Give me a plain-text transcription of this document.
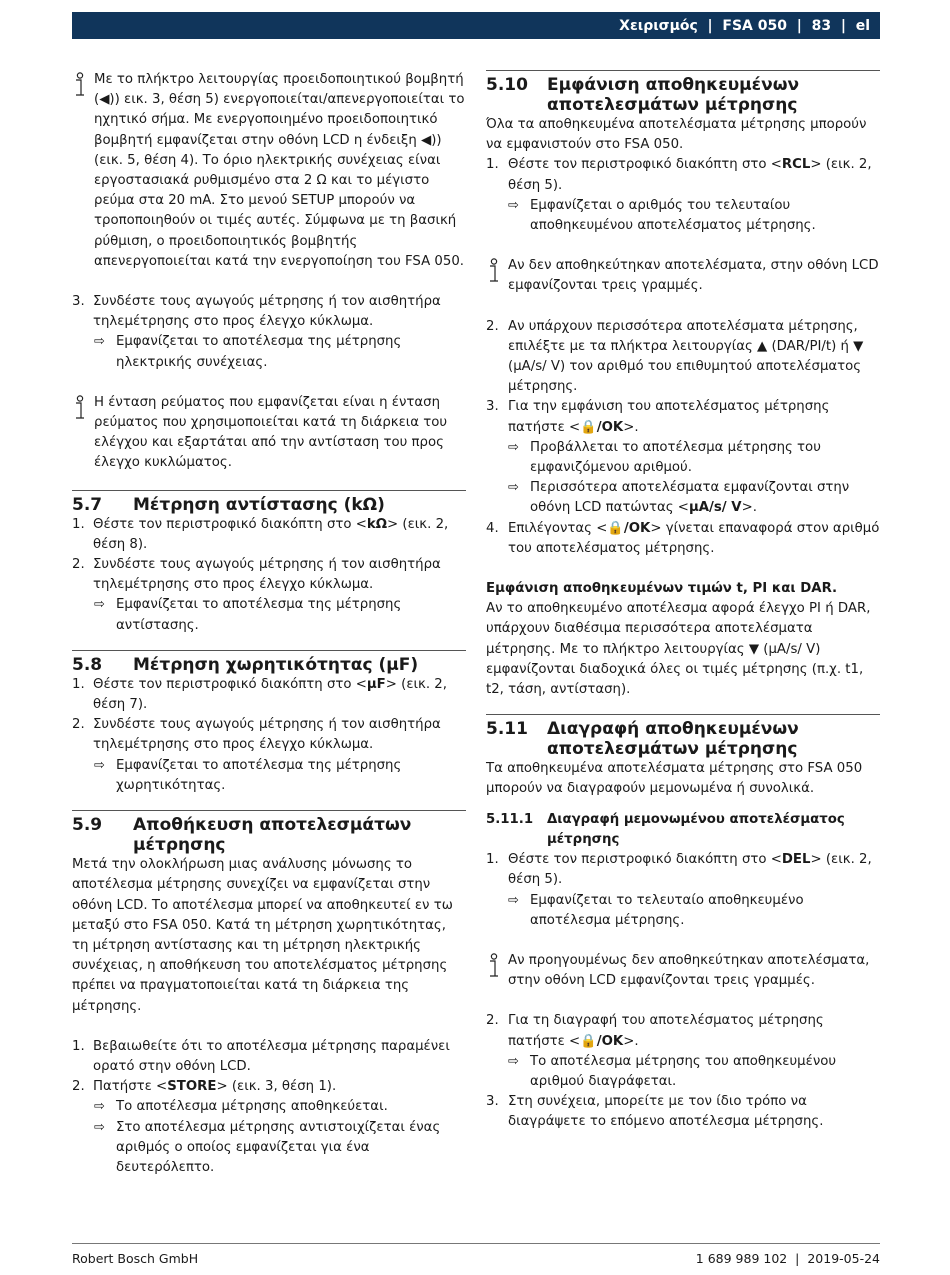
Χειρισμός | FSA 050 | 83 | el

Με το πλήκτρο λειτουργίας προειδοποιητικού βομβητή (◀)) εικ. 3, θέση 5) ενεργοποιείται/απενεργοποιείται το ηχητικό σήμα. Με ενεργοποιημένο προειδοποιητικό βομβητή εμφανίζεται στην οθόνη LCD η ένδειξη ◀)) (εικ. 5, θέση 4). Το όριο ηλεκτρικής συνέχειας είναι εργοστασιακά ρυθμισμένο στα 2 Ω και το μέγιστο ρεύμα στα 20 mA. Στο μενού SETUP μπορούν να τροποποιηθούν οι τιμές αυτές. Σύμφωνα με τη βασική ρύθμιση, ο προειδοποιητικός βομβητής απενεργοποιείται κατά την ενεργοποίηση του FSA 050.

3. Συνδέστε τους αγωγούς μέτρησης ή τον αισθητήρα τηλεμέτρησης στο προς έλεγχο κύκλωμα.

⇨ Εμφανίζεται το αποτέλεσμα της μέτρησης ηλεκτρικής συνέχειας.

Η ένταση ρεύματος που εμφανίζεται είναι η ένταση ρεύματος που χρησιμοποιείται κατά τη διάρκεια του ελέγχου και εξαρτάται από την αντίσταση του προς έλεγχο κυκλώματος.

5.7	Μέτρηση αντίστασης (kΩ)
1. Θέστε τον περιστροφικό διακόπτη στο <kΩ> (εικ. 2, θέση 8).

2. Συνδέστε τους αγωγούς μέτρησης ή τον αισθητήρα τηλεμέτρησης στο προς έλεγχο κύκλωμα.

⇨ Εμφανίζεται το αποτέλεσμα της μέτρησης αντίστασης.

5.8	Μέτρηση χωρητικότητας (µF)
1. Θέστε τον περιστροφικό διακόπτη στο <µF> (εικ. 2, θέση 7).

2. Συνδέστε τους αγωγούς μέτρησης ή τον αισθητήρα τηλεμέτρησης στο προς έλεγχο κύκλωμα.

⇨ Εμφανίζεται το αποτέλεσμα της μέτρησης χωρητικότητας.

5.9	Αποθήκευση αποτελεσμάτων μέτρησης

Μετά την ολοκλήρωση μιας ανάλυσης μόνωσης το αποτέλεσμα μέτρησης συνεχίζει να εμφανίζεται στην οθόνη LCD. Το αποτέλεσμα μπορεί να αποθηκευτεί εν τω μεταξύ στο FSA 050. Κατά τη μέτρηση χωρητικότητας, τη μέτρηση αντίστασης και τη μέτρηση ηλεκτρικής συνέχειας, η αποθήκευση του αποτελέσματος μέτρησης πρέπει να πραγματοποιείται κατά τη διάρκεια της μέτρησης.

1. Βεβαιωθείτε ότι το αποτέλεσμα μέτρησης παραμένει ορατό στην οθόνη LCD.

2. Πατήστε <STORE> (εικ. 3, θέση 1).

⇨ Το αποτέλεσμα μέτρησης αποθηκεύεται.

⇨ Στο αποτέλεσμα μέτρησης αντιστοιχίζεται ένας αριθμός ο οποίος εμφανίζεται για ένα δευτερόλεπτο.

5.10	Εμφάνιση αποθηκευμένων αποτελεσμάτων μέτρησης

Όλα τα αποθηκευμένα αποτελέσματα μέτρησης μπορούν να εμφανιστούν στο FSA 050.

1. Θέστε τον περιστροφικό διακόπτη στο <RCL> (εικ. 2, θέση 5).

⇨ Εμφανίζεται ο αριθμός του τελευταίου αποθηκευμένου αποτελέσματος μέτρησης.

Αν δεν αποθηκεύτηκαν αποτελέσματα, στην οθόνη LCD εμφανίζονται τρεις γραμμές.

2. Αν υπάρχουν περισσότερα αποτελέσματα μέτρησης, επιλέξτε με τα πλήκτρα λειτουργίας ▲ (DAR/PI/t) ή ▼ (µA/s/ V) τον αριθμό του επιθυμητού αποτελέσματος μέτρησης.

3. Για την εμφάνιση του αποτελέσματος μέτρησης πατήστε <🔒/OK>.

⇨ Προβάλλεται το αποτέλεσμα μέτρησης του εμφανιζόμενου αριθμού.

⇨ Περισσότερα αποτελέσματα εμφανίζονται στην οθόνη LCD πατώντας <µA/s/ V>.

4. Επιλέγοντας <🔒/OK> γίνεται επαναφορά στον αριθμό του αποτελέσματος μέτρησης.

Εμφάνιση αποθηκευμένων τιμών t, PI και DAR.

Αν το αποθηκευμένο αποτέλεσμα αφορά έλεγχο PI ή DAR, υπάρχουν διαθέσιμα περισσότερα αποτελέσματα μέτρησης. Με το πλήκτρο λειτουργίας ▼ (µA/s/ V) εμφανίζονται διαδοχικά όλες οι τιμές μέτρησης (π.χ. t1, t2, τάση, αντίσταση).

5.11	Διαγραφή αποθηκευμένων αποτελεσμάτων μέτρησης

Τα αποθηκευμένα αποτελέσματα μέτρησης στο FSA 050 μπορούν να διαγραφούν μεμονωμένα ή συνολικά.

5.11.1	Διαγραφή μεμονωμένου αποτελέσματος μέτρησης
1. Θέστε τον περιστροφικό διακόπτη στο <DEL> (εικ. 2, θέση 5).

⇨ Εμφανίζεται το τελευταίο αποθηκευμένο αποτέλεσμα μέτρησης.

Αν προηγουμένως δεν αποθηκεύτηκαν αποτελέσματα, στην οθόνη LCD εμφανίζονται τρεις γραμμές.

2. Για τη διαγραφή του αποτελέσματος μέτρησης πατήστε <🔒/OK>.

⇨ Το αποτέλεσμα μέτρησης του αποθηκευμένου αριθμού διαγράφεται.

3. Στη συνέχεια, μπορείτε με τον ίδιο τρόπο να διαγράψετε το επόμενο αποτέλεσμα μέτρησης.

Robert Bosch GmbH	1 689 989 102  |  2019-05-24
